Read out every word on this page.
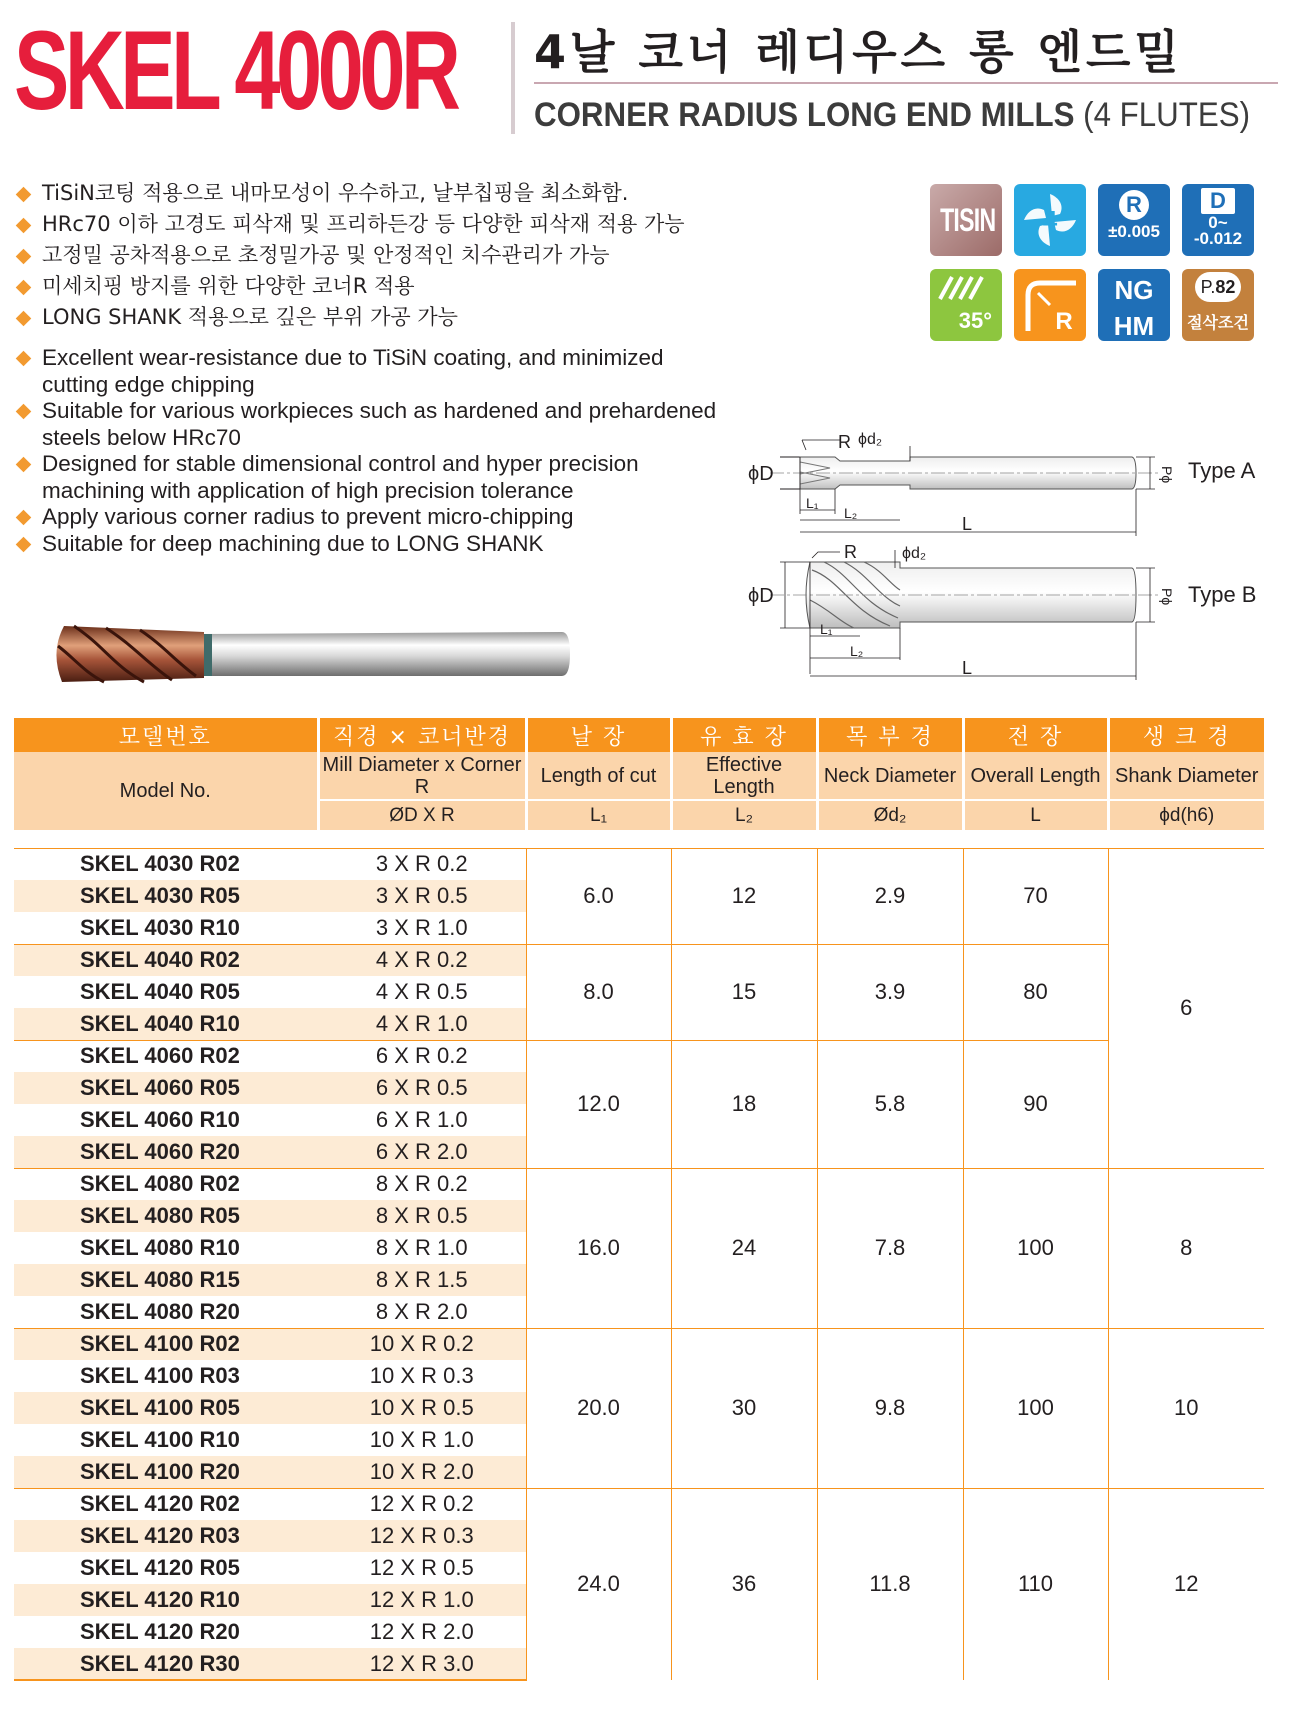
SKEL 4000R 4날 코너 레디우스 롱 엔드밀
CORNER RADIUS LONG END MILLS (4 FLUTES)
TiSiN코팅 적용으로 내마모성이 우수하고, 날부칩핑을 최소화함.
HRc70 이하 고경도 피삭재 및 프리하든강 등 다양한 피삭재 적용 가능
고정밀 공차적용으로 초정밀가공 및 안정적인 치수관리가 가능
미세치핑 방지를 위한 다양한 코너R 적용
LONG SHANK 적용으로 깊은 부위 가공 가능
Excellent wear-resistance due to TiSiN coating, and minimized cutting edge chipping
Suitable for various workpieces such as hardened and prehardened steels below HRc70
Designed for stable dimensional control and hyper precision machining with application of high precision tolerance
Apply various corner radius to prevent micro-chipping
Suitable for deep machining due to LONG SHANK
TISIN 4
R
±0.005
D
0~
-0.012
35°	R
NG
HM
P.82
절삭조건
ϕD
R ϕd₂
L₁
L₂
L
Pϕ Type A
ϕD
R	ϕd₂
L₁
L₂
L
Pϕ Type B
모델번호	직경 × 코너반경	날 장	유 효 장	목 부 경	전 장	생 크 경
Model No.	Mill Diameter x Corner R	Length of cut	Effective Length	Neck Diameter	Overall Length	Shank Diameter
	ØD X R	L₁	L₂	Ød₂	L	ϕd(h6)

SKEL 4030 R02	3 X R 0.2	6.0	12	2.9	70	6
SKEL 4030 R05	3 X R 0.5					
SKEL 4030 R10	3 X R 1.0					
SKEL 4040 R02	4 X R 0.2	8.0	15	3.9	80	
SKEL 4040 R05	4 X R 0.5					
SKEL 4040 R10	4 X R 1.0					
SKEL 4060 R02	6 X R 0.2	12.0	18	5.8	90	
SKEL 4060 R05	6 X R 0.5					
SKEL 4060 R10	6 X R 1.0					
SKEL 4060 R20	6 X R 2.0					
SKEL 4080 R02	8 X R 0.2	16.0	24	7.8	100	8
SKEL 4080 R05	8 X R 0.5					
SKEL 4080 R10	8 X R 1.0					
SKEL 4080 R15	8 X R 1.5					
SKEL 4080 R20	8 X R 2.0					
SKEL 4100 R02	10 X R 0.2	20.0	30	9.8	100	10
SKEL 4100 R03	10 X R 0.3					
SKEL 4100 R05	10 X R 0.5					
SKEL 4100 R10	10 X R 1.0					
SKEL 4100 R20	10 X R 2.0					
SKEL 4120 R02	12 X R 0.2	24.0	36	11.8	110	12
SKEL 4120 R03	12 X R 0.3					
SKEL 4120 R05	12 X R 0.5					
SKEL 4120 R10	12 X R 1.0					
SKEL 4120 R20	12 X R 2.0					
SKEL 4120 R30	12 X R 3.0					
